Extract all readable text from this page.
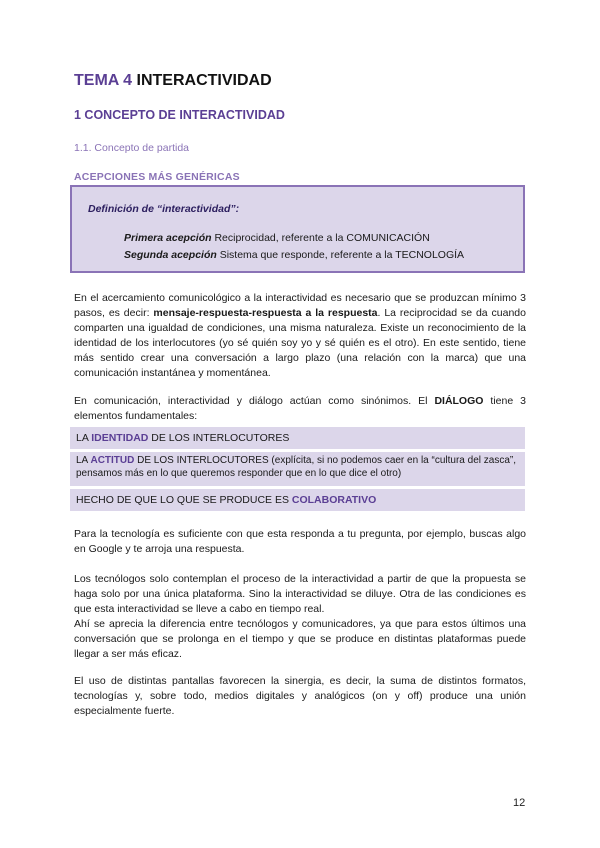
TEMA 4 INTERACTIVIDAD
1 CONCEPTO DE INTERACTIVIDAD
1.1. Concepto de partida
ACEPCIONES MÁS GENÉRICAS
Definición de “interactividad”:
Primera acepción Reciprocidad, referente a la COMUNICACIÓN
Segunda acepción Sistema que responde, referente a la TECNOLOGÍA
En el acercamiento comunicológico a la interactividad es necesario que se produzcan mínimo 3 pasos, es decir: mensaje-respuesta-respuesta a la respuesta. La reciprocidad se da cuando comparten una igualdad de condiciones, una misma naturaleza. Existe un reconocimiento de la identidad de los interlocutores (yo sé quién soy yo y sé quién es el otro). En este sentido, tiene más sentido crear una conversación a largo plazo (una relación con la marca) que una comunicación instantánea y momentánea.
En comunicación, interactividad y diálogo actúan como sinónimos. El DIÁLOGO tiene 3 elementos fundamentales:
LA IDENTIDAD DE LOS INTERLOCUTORES
LA ACTITUD DE LOS INTERLOCUTORES (explícita, si no podemos caer en la “cultura del zasca”, pensamos más en lo que queremos responder que en lo que dice el otro)
HECHO DE QUE LO QUE SE PRODUCE ES COLABORATIVO
Para la tecnología es suficiente con que esta responda a tu pregunta, por ejemplo, buscas algo en Google y te arroja una respuesta.
Los tecnólogos solo contemplan el proceso de la interactividad a partir de que la propuesta se haga solo por una única plataforma. Sino la interactividad se diluye. Otra de las condiciones es que esta interactividad se lleve a cabo en tiempo real.
Ahí se aprecia la diferencia entre tecnólogos y comunicadores, ya que para estos últimos una conversación que se prolonga en el tiempo y que se produce en distintas plataformas puede llegar a ser más eficaz.
El uso de distintas pantallas favorecen la sinergia, es decir, la suma de distintos formatos, tecnologías y, sobre todo, medios digitales y analógicos (on y off) produce una unión especialmente fuerte.
12
